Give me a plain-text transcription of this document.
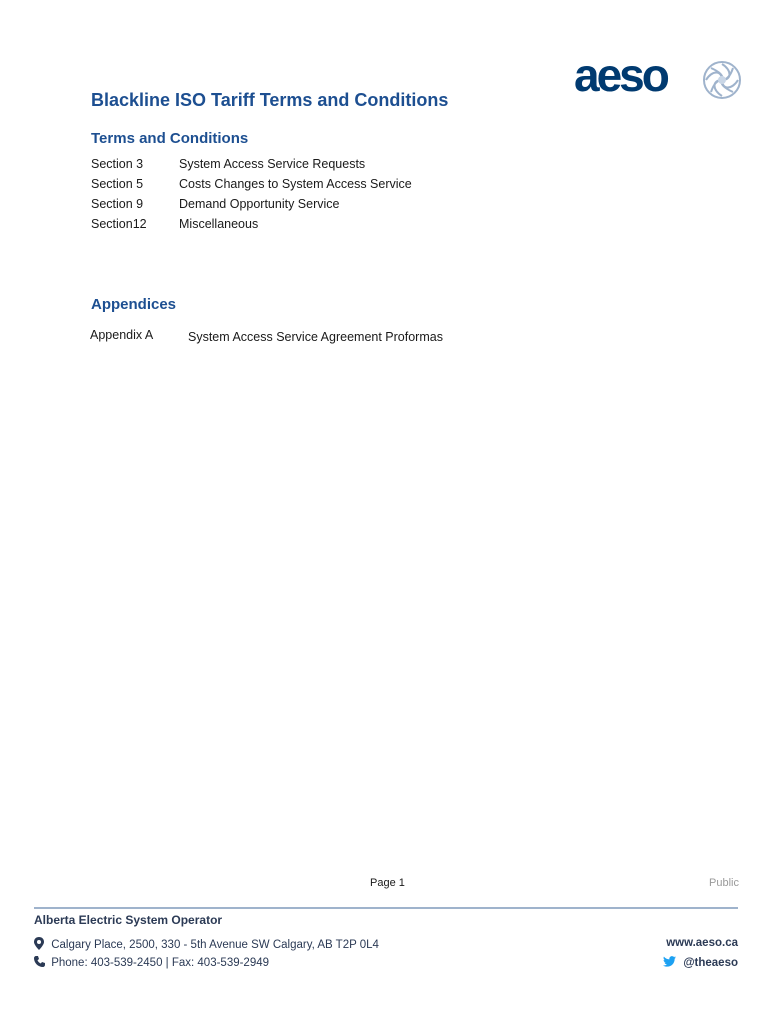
aeso
Blackline ISO Tariff Terms and Conditions
Terms and Conditions
Section 3	System Access Service Requests
Section 5	Costs Changes to System Access Service
Section 9	Demand Opportunity Service
Section12	Miscellaneous
Appendices
Appendix A	System Access Service Agreement Proformas
Page 1	Public
Alberta Electric System Operator
Calgary Place, 2500, 330 - 5th Avenue SW Calgary, AB T2P 0L4
Phone: 403-539-2450 | Fax: 403-539-2949
www.aeso.ca
@theaeso
